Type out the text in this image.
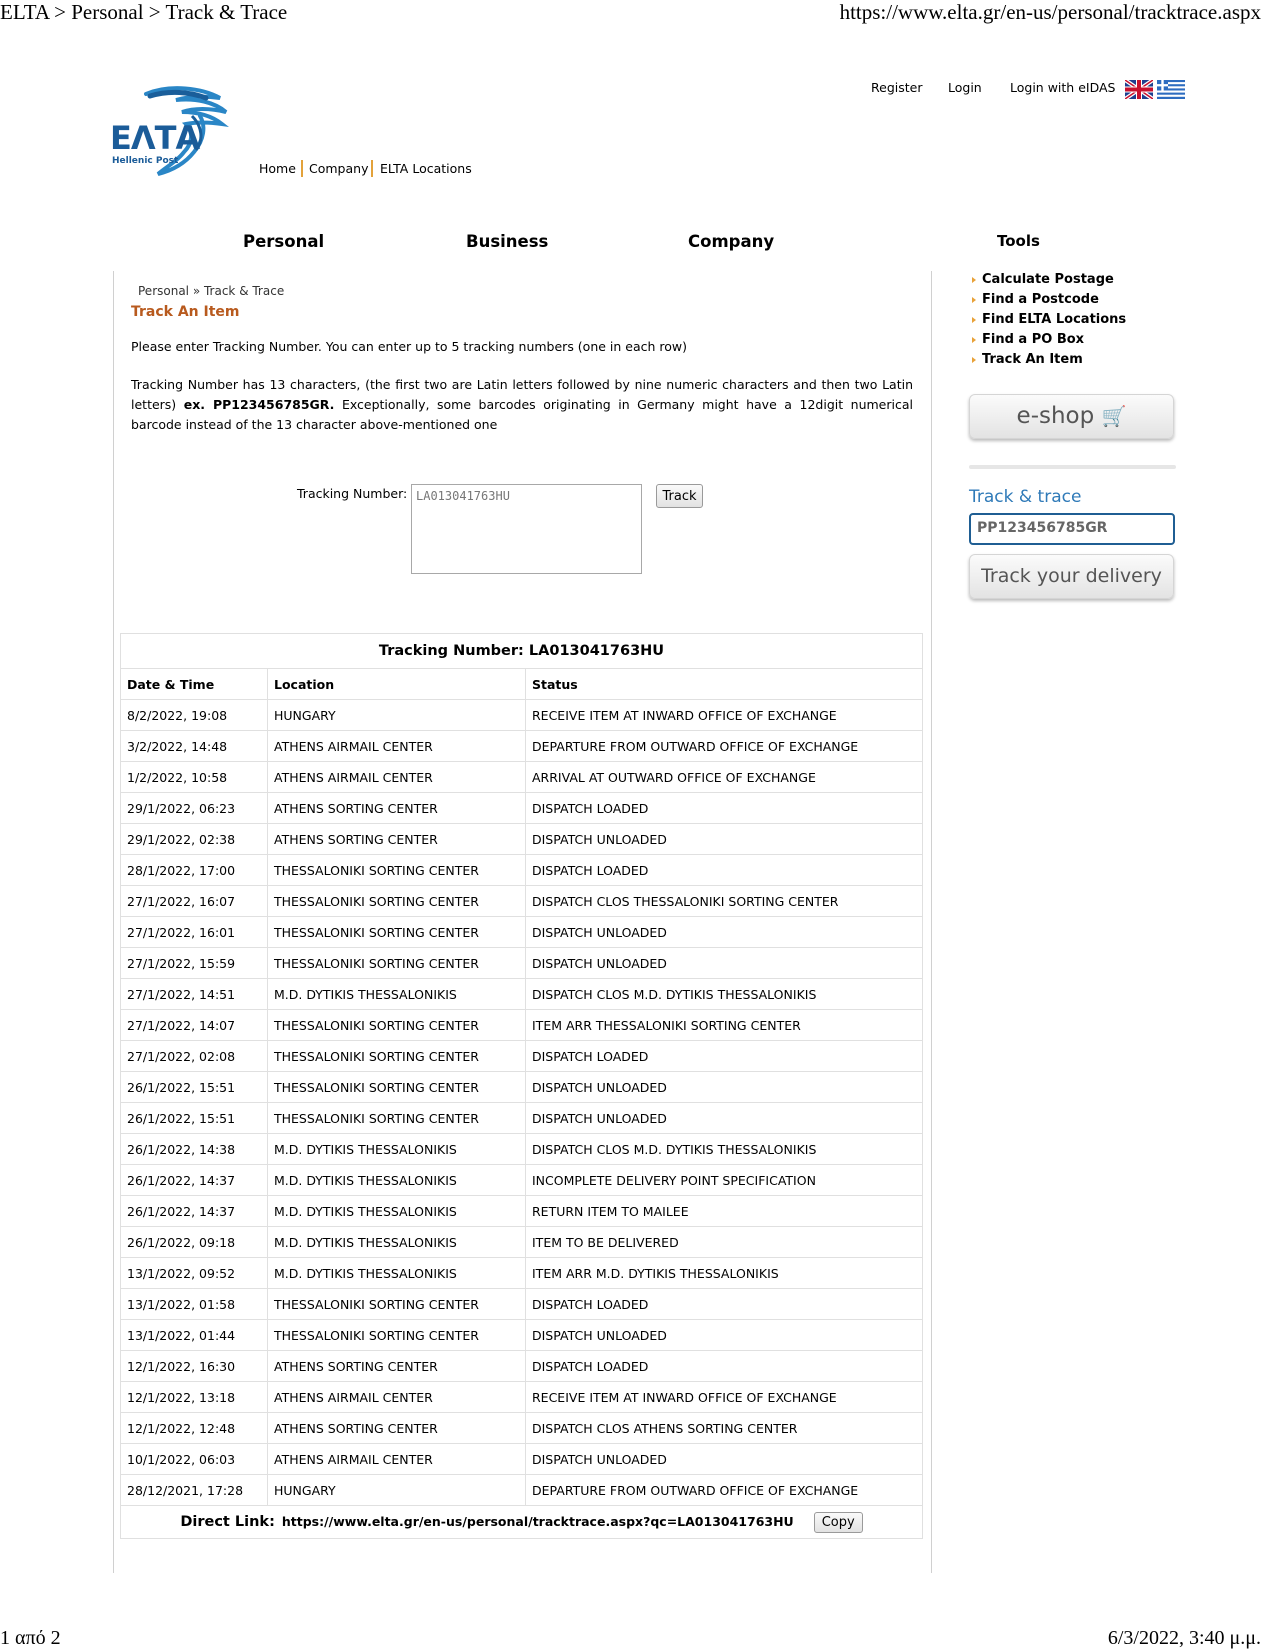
ELTA > Personal > Track & Trace	https://www.elta.gr/en-us/personal/tracktrace.aspx
1 από 2	6/3/2022, 3:40 μ.μ.
ΕΛΤΑ
Hellenic Post
Register Login Login with eIDAS
Home Company ELTA Locations
Personal	Business	Company
Personal » Track & Trace
Track An Item
Please enter Tracking Number. You can enter up to 5 tracking numbers (one in each row)
Tracking Number has 13 characters, (the first two are Latin letters followed by nine numeric characters and then two Latin letters) ex. PP123456785GR. Exceptionally, some barcodes originating in Germany might have a 12digit numerical barcode instead of the 13 character above-mentioned one
Tracking Number: LA013041763HU	Track
Tools
Calculate Postage
Find a Postcode
Find ELTA Locations
Find a PO Box
Track An Item
e-shop 🛒
Track & trace
PP123456785GR
Track your delivery
Tracking Number: LA013041763HU		
Date & Time	Location	Status
8/2/2022, 19:08	HUNGARY	RECEIVE ITEM AT INWARD OFFICE OF EXCHANGE
3/2/2022, 14:48	ATHENS AIRMAIL CENTER	DEPARTURE FROM OUTWARD OFFICE OF EXCHANGE
1/2/2022, 10:58	ATHENS AIRMAIL CENTER	ARRIVAL AT OUTWARD OFFICE OF EXCHANGE
29/1/2022, 06:23	ATHENS SORTING CENTER	DISPATCH LOADED
29/1/2022, 02:38	ATHENS SORTING CENTER	DISPATCH UNLOADED
28/1/2022, 17:00	THESSALONIKI SORTING CENTER	DISPATCH LOADED
27/1/2022, 16:07	THESSALONIKI SORTING CENTER	DISPATCH CLOS THESSALONIKI SORTING CENTER
27/1/2022, 16:01	THESSALONIKI SORTING CENTER	DISPATCH UNLOADED
27/1/2022, 15:59	THESSALONIKI SORTING CENTER	DISPATCH UNLOADED
27/1/2022, 14:51	M.D. DYTIKIS THESSALONIKIS	DISPATCH CLOS M.D. DYTIKIS THESSALONIKIS
27/1/2022, 14:07	THESSALONIKI SORTING CENTER	ITEM ARR THESSALONIKI SORTING CENTER
27/1/2022, 02:08	THESSALONIKI SORTING CENTER	DISPATCH LOADED
26/1/2022, 15:51	THESSALONIKI SORTING CENTER	DISPATCH UNLOADED
26/1/2022, 15:51	THESSALONIKI SORTING CENTER	DISPATCH UNLOADED
26/1/2022, 14:38	M.D. DYTIKIS THESSALONIKIS	DISPATCH CLOS M.D. DYTIKIS THESSALONIKIS
26/1/2022, 14:37	M.D. DYTIKIS THESSALONIKIS	INCOMPLETE DELIVERY POINT SPECIFICATION
26/1/2022, 14:37	M.D. DYTIKIS THESSALONIKIS	RETURN ITEM TO MAILEE
26/1/2022, 09:18	M.D. DYTIKIS THESSALONIKIS	ITEM TO BE DELIVERED
13/1/2022, 09:52	M.D. DYTIKIS THESSALONIKIS	ITEM ARR M.D. DYTIKIS THESSALONIKIS
13/1/2022, 01:58	THESSALONIKI SORTING CENTER	DISPATCH LOADED
13/1/2022, 01:44	THESSALONIKI SORTING CENTER	DISPATCH UNLOADED
12/1/2022, 16:30	ATHENS SORTING CENTER	DISPATCH LOADED
12/1/2022, 13:18	ATHENS AIRMAIL CENTER	RECEIVE ITEM AT INWARD OFFICE OF EXCHANGE
12/1/2022, 12:48	ATHENS SORTING CENTER	DISPATCH CLOS ATHENS SORTING CENTER
10/1/2022, 06:03	ATHENS AIRMAIL CENTER	DISPATCH UNLOADED
28/12/2021, 17:28	HUNGARY	DEPARTURE FROM OUTWARD OFFICE OF EXCHANGE
Direct Link: https://www.elta.gr/en-us/personal/tracktrace.aspx?qc=LA013041763HU Copy		
